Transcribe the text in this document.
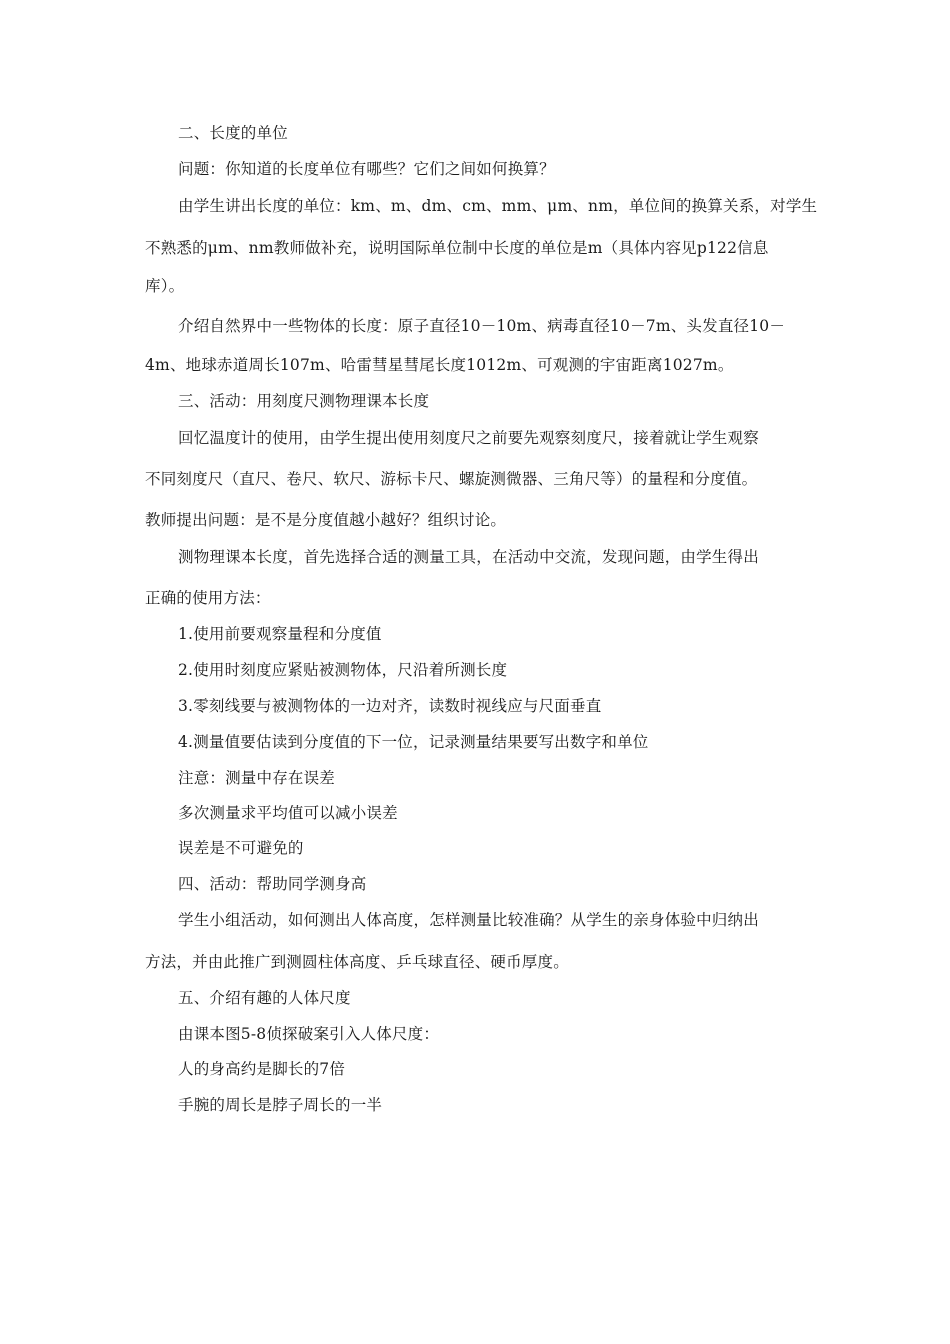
二、长度的单位
问题：你知道的长度单位有哪些？它们之间如何换算？
由学生讲出长度的单位：km、m、dm、cm、mm、μm、nm，单位间的换算关系，对学生
不熟悉的μm、nm教师做补充，说明国际单位制中长度的单位是m（具体内容见p122信息
库）。
介绍自然界中一些物体的长度：原子直径10－10m、病毒直径10－7m、头发直径10－
4m、地球赤道周长107m、哈雷彗星彗尾长度1012m、可观测的宇宙距离1027m。
三、活动：用刻度尺测物理课本长度
回忆温度计的使用，由学生提出使用刻度尺之前要先观察刻度尺，接着就让学生观察
不同刻度尺（直尺、卷尺、软尺、游标卡尺、螺旋测微器、三角尺等）的量程和分度值。
教师提出问题：是不是分度值越小越好？组织讨论。
测物理课本长度，首先选择合适的测量工具，在活动中交流，发现问题，由学生得出
正确的使用方法：
1.使用前要观察量程和分度值
2.使用时刻度应紧贴被测物体，尺沿着所测长度
3.零刻线要与被测物体的一边对齐，读数时视线应与尺面垂直
4.测量值要估读到分度值的下一位，记录测量结果要写出数字和单位
注意：测量中存在误差
多次测量求平均值可以减小误差
误差是不可避免的
四、活动：帮助同学测身高
学生小组活动，如何测出人体高度，怎样测量比较准确？从学生的亲身体验中归纳出
方法，并由此推广到测圆柱体高度、乒乓球直径、硬币厚度。
五、介绍有趣的人体尺度
由课本图5-8侦探破案引入人体尺度：
人的身高约是脚长的7倍
手腕的周长是脖子周长的一半
